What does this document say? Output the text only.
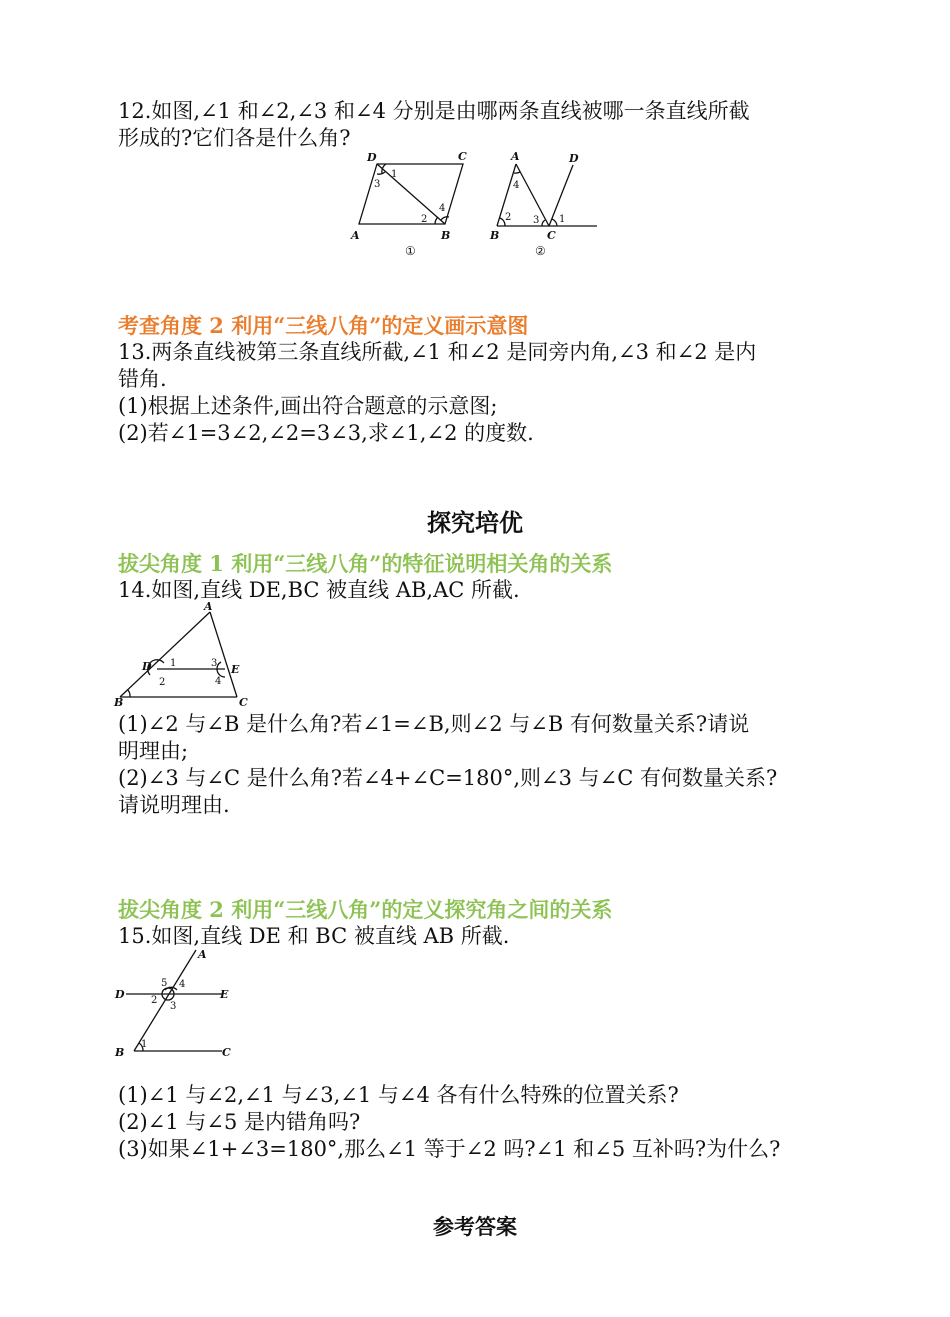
12.如图,∠1 和∠2,∠3 和∠4 分别是由哪两条直线被哪一条直线所截
形成的?它们各是什么角?
D	C
A	B
1
3
2
4
①
A	D
B	C
4
2 3 1
②

考查角度 2 利用“三线八角”的定义画示意图

13.两条直线被第三条直线所截,∠1 和∠2 是同旁内角,∠3 和∠2 是内
错角.
(1)根据上述条件,画出符合题意的示意图;
(2)若∠1=3∠2,∠2=3∠3,求∠1,∠2 的度数.

探究培优

拔尖角度 1 利用“三线八角”的特征说明相关角的关系

14.如图,直线 DE,BC 被直线 AB,AC 所截.
A
B	C
D	E
1
2
3
4
(1)∠2 与∠B 是什么角?若∠1=∠B,则∠2 与∠B 有何数量关系?请说
明理由;
(2)∠3 与∠C 是什么角?若∠4+∠C=180°,则∠3 与∠C 有何数量关系?
请说明理由.

拔尖角度 2 利用“三线八角”的定义探究角之间的关系

15.如图,直线 DE 和 BC 被直线 AB 所截.
A
D	E
B	C
5 4
2
3
1
(1)∠1 与∠2,∠1 与∠3,∠1 与∠4 各有什么特殊的位置关系?
(2)∠1 与∠5 是内错角吗?
(3)如果∠1+∠3=180°,那么∠1 等于∠2 吗?∠1 和∠5 互补吗?为什么?

参考答案
